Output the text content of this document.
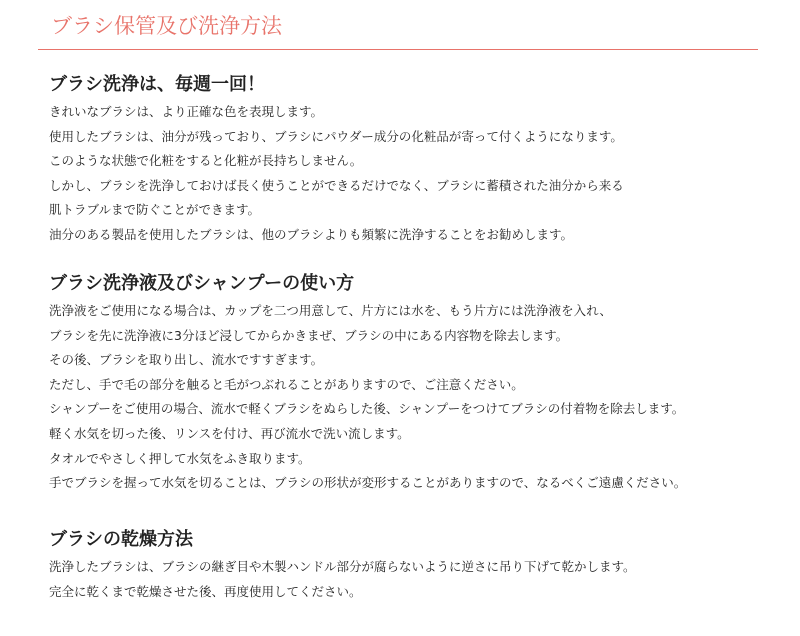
ブラシ保管及び洗浄方法
ブラシ洗浄は、毎週一回！

きれいなブラシは、より正確な色を表現します。

使用したブラシは、油分が残っており、ブラシにパウダー成分の化粧品が寄って付くようになります。

このような状態で化粧をすると化粧が長持ちしません。

しかし、ブラシを洗浄しておけば長く使うことができるだけでなく、ブラシに蓄積された油分から来る

肌トラブルまで防ぐことができます。

油分のある製品を使用したブラシは、他のブラシよりも頻繁に洗浄することをお勧めします。

ブラシ洗浄液及びシャンプーの使い方

洗浄液をご使用になる場合は、カップを二つ用意して、片方には水を、もう片方には洗浄液を入れ、

ブラシを先に洗浄液に3分ほど浸してからかきまぜ、ブラシの中にある内容物を除去します。

その後、ブラシを取り出し、流水ですすぎます。

ただし、手で毛の部分を触ると毛がつぶれることがありますので、ご注意ください。

シャンプーをご使用の場合、流水で軽くブラシをぬらした後、シャンプーをつけてブラシの付着物を除去します。

軽く水気を切った後、リンスを付け、再び流水で洗い流します。

タオルでやさしく押して水気をふき取ります。

手でブラシを握って水気を切ることは、ブラシの形状が変形することがありますので、なるべくご遠慮ください。

ブラシの乾燥方法

洗浄したブラシは、ブラシの継ぎ目や木製ハンドル部分が腐らないように逆さに吊り下げて乾かします。

完全に乾くまで乾燥させた後、再度使用してください。
